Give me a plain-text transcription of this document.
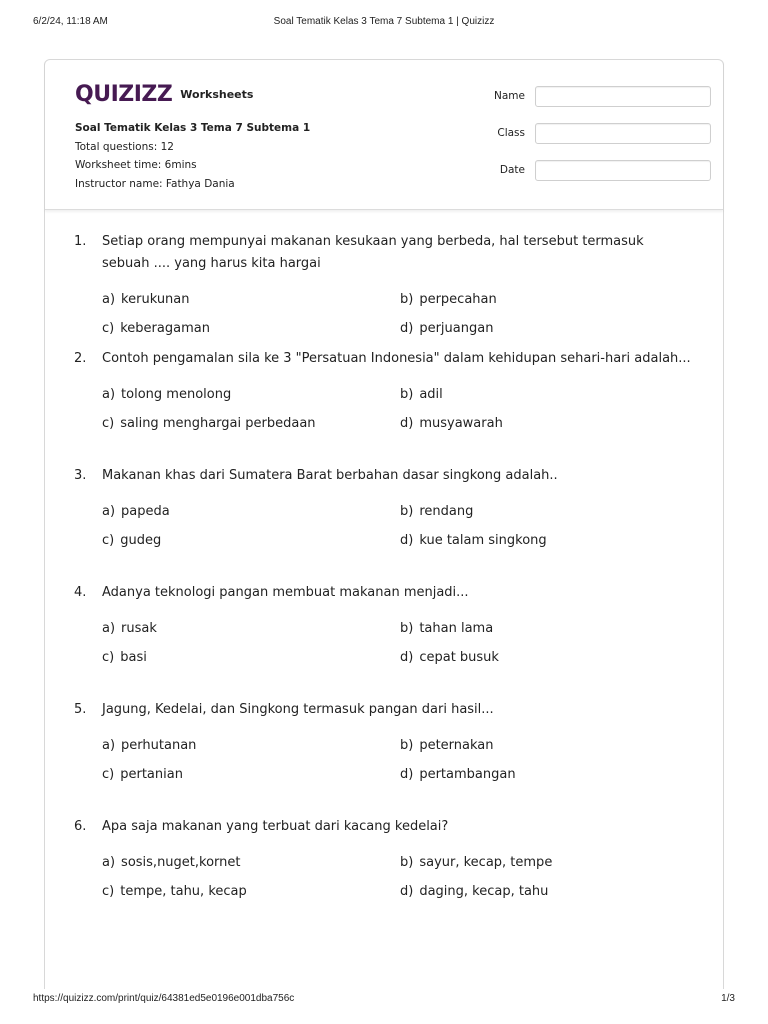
6/2/24, 11:18 AM	Soal Tematik Kelas 3 Tema 7 Subtema 1 | Quizizz
QUIZIZZ Worksheets
Soal Tematik Kelas 3 Tema 7 Subtema 1
Total questions: 12
Worksheet time: 6mins
Instructor name: Fathya Dania
Name
Class
Date
1.	Setiap orang mempunyai makanan kesukaan yang berbeda, hal tersebut termasuk sebuah .... yang harus kita hargai
a) kerukunan	b) perpecahan
c) keberagaman	d) perjuangan
2.	Contoh pengamalan sila ke 3 "Persatuan Indonesia" dalam kehidupan sehari-hari adalah...
a) tolong menolong	b) adil
c) saling menghargai perbedaan	d) musyawarah
3.	Makanan khas dari Sumatera Barat berbahan dasar singkong adalah..
a) papeda	b) rendang
c) gudeg	d) kue talam singkong
4.	Adanya teknologi pangan membuat makanan menjadi...
a) rusak	b) tahan lama
c) basi	d) cepat busuk
5.	Jagung, Kedelai, dan Singkong termasuk pangan dari hasil...
a) perhutanan	b) peternakan
c) pertanian	d) pertambangan
6.	Apa saja makanan yang terbuat dari kacang kedelai?
a) sosis,nuget,kornet	b) sayur, kecap, tempe
c) tempe, tahu, kecap	d) daging, kecap, tahu
https://quizizz.com/print/quiz/64381ed5e0196e001dba756c	1/3
